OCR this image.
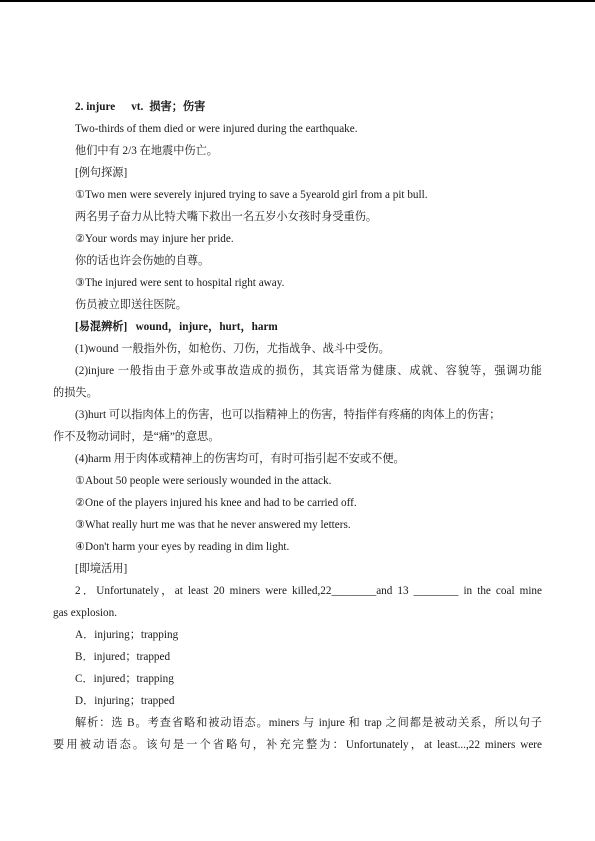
2. injure vt. 损害；伤害
Two-thirds of them died or were injured during the earthquake.
他们中有 2/3 在地震中伤亡。
[例句探源]
①Two men were severely injured trying to save a 5yearold girl from a pit bull.
两名男子奋力从比特犬嘴下救出一名五岁小女孩时身受重伤。
②Your words may injure her pride.
你的话也许会伤她的自尊。
③The injured were sent to hospital right away.
伤员被立即送往医院。
[易混辨析] wound，injure，hurt，harm
(1)wound 一般指外伤，如枪伤、刀伤，尤指战争、战斗中受伤。
(2)injure 一般指由于意外或事故造成的损伤，其宾语常为健康、成就、容貌等，强调功能
的损失。
(3)hurt 可以指肉体上的伤害，也可以指精神上的伤害，特指伴有疼痛的肉体上的伤害；
作不及物动词时，是“痛”的意思。
(4)harm 用于肉体或精神上的伤害均可，有时可指引起不安或不便。
①About 50 people were seriously wounded in the attack.
②One of the players injured his knee and had to be carried off.
③What really hurt me was that he never answered my letters.
④Don't harm your eyes by reading in dim light.
[即境活用]
2．Unfortunately，at least 20 miners were killed,22________and 13 ________ in the coal mine
gas explosion.
A．injuring；trapping
B．injured；trapped
C．injured；trapping
D．injuring；trapped
解析：选 B。考查省略和被动语态。miners 与 injure 和 trap 之间都是被动关系，所以句子
要用被动语态。该句是一个省略句，补充完整为：Unfortunately，at least...,22 miners were
